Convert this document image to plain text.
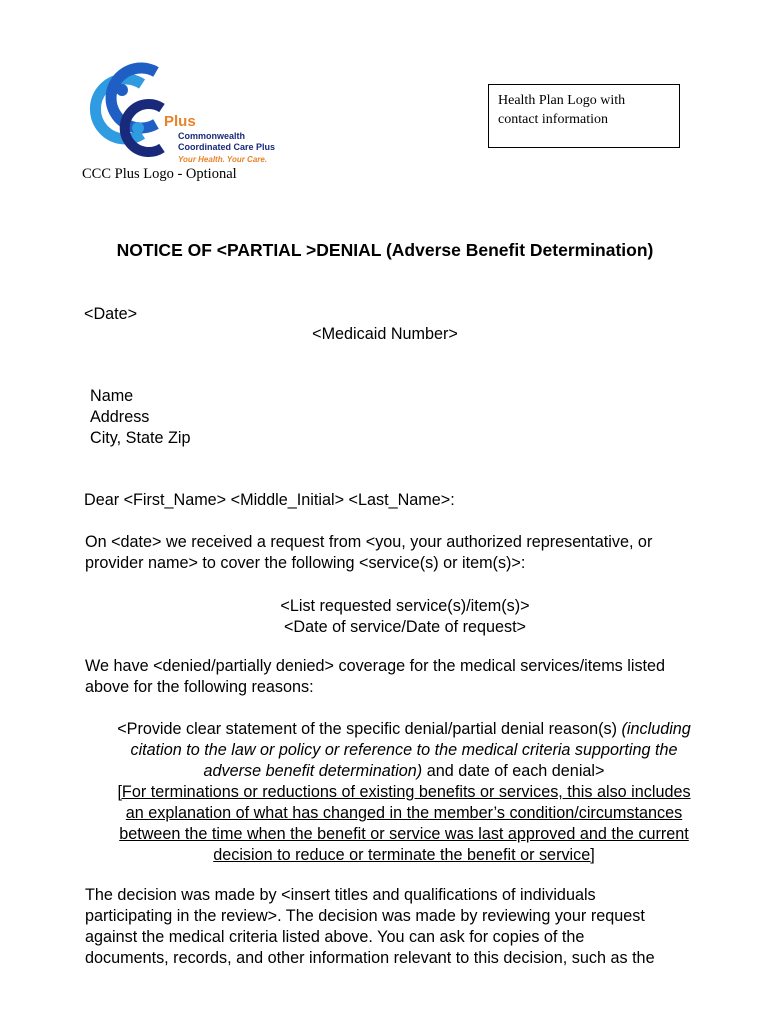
Plus
Commonwealth
Coordinated Care Plus
Your Health. Your Care.
CCC Plus Logo - Optional
Health Plan Logo with
contact information
NOTICE OF <PARTIAL >DENIAL (Adverse Benefit Determination)
<Date>
<Medicaid Number>
Name
Address
City, State Zip
Dear <First_Name> <Middle_Initial> <Last_Name>:
On <date> we received a request from <you, your authorized representative, or
provider name> to cover the following <service(s) or item(s)>:
<List requested service(s)/item(s)>
<Date of service/Date of request>
We have <denied/partially denied> coverage for the medical services/items listed
above for the following reasons:
<Provide clear statement of the specific denial/partial denial reason(s) (including
citation to the law or policy or reference to the medical criteria supporting the
adverse benefit determination) and date of each denial>
[For terminations or reductions of existing benefits or services, this also includes
an explanation of what has changed in the member’s condition/circumstances
between the time when the benefit or service was last approved and the current
decision to reduce or terminate the benefit or service]
The decision was made by <insert titles and qualifications of individuals
participating in the review>. The decision was made by reviewing your request
against the medical criteria listed above. You can ask for copies of the
documents, records, and other information relevant to this decision, such as the
